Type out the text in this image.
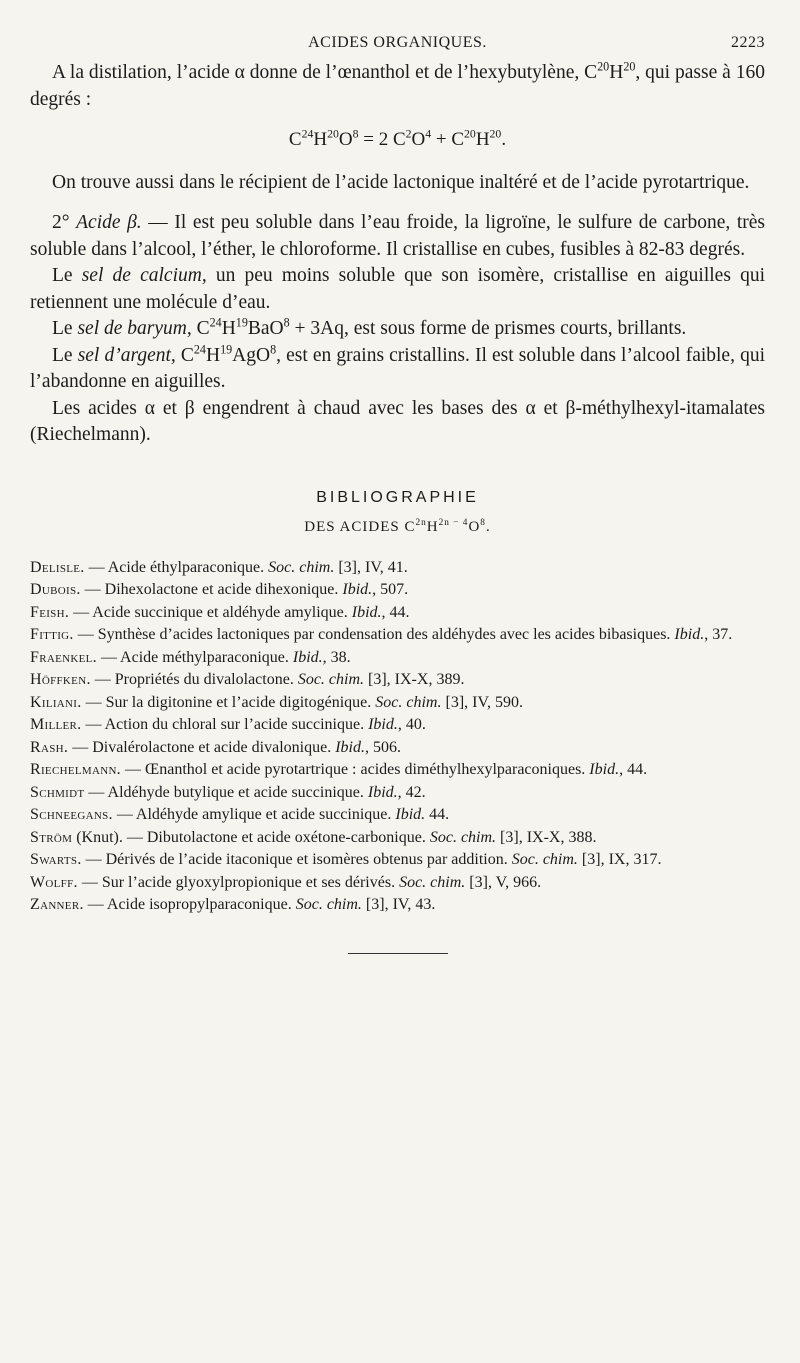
ACIDES ORGANIQUES.	2223

A la distilation, l’acide α donne de l’œnanthol et de l’hexybutylène, $C^{20}H^{20}$, qui passe à 160 degrés :

$C^{24}H^{20}O^8 = 2$ $C^2O^4 + C^{20}H^{20}$.

On trouve aussi dans le récipient de l’acide lactonique inaltéré et de l’acide pyrotartrique.

2° Acide β. — Il est peu soluble dans l’eau froide, la ligroïne, le sulfure de carbone, très soluble dans l’alcool, l’éther, le chloroforme. Il cristallise en cubes, fusibles à 82-83 degrés.

Le sel de calcium, un peu moins soluble que son isomère, cristallise en aiguilles qui retiennent une molécule d’eau.

Le sel de baryum, $C^{24}H^{19}BaO^8 + 3Aq$, est sous forme de prismes courts, brillants.

Le sel d’argent, $C^{24}H^{19}AgO^8$, est en grains cristallins. Il est soluble dans l’alcool faible, qui l’abandonne en aiguilles.

Les acides α et β engendrent à chaud avec les bases des α et β-méthylhexyl-itamalates (Riechelmann).

BIBLIOGRAPHIE
DES ACIDES $C^{2n}H^{2n - 4}O^8$.
Delisle. — Acide éthylparaconique. Soc. chim. [3], IV, 41.
Dubois. — Dihexolactone et acide dihexonique. Ibid., 507.
Feish. — Acide succinique et aldéhyde amylique. Ibid., 44.
Fittig. — Synthèse d’acides lactoniques par condensation des aldéhydes avec les acides bibasiques. Ibid., 37.
Fraenkel. — Acide méthylparaconique. Ibid., 38.
Höffken. — Propriétés du divalolactone. Soc. chim. [3], IX-X, 389.
Kiliani. — Sur la digitonine et l’acide digitogénique. Soc. chim. [3], IV, 590.
Miller. — Action du chloral sur l’acide succinique. Ibid., 40.
Rash. — Divalérolactone et acide divalonique. Ibid., 506.
Riechelmann. — Œnanthol et acide pyrotartrique : acides diméthylhexylparaconiques. Ibid., 44.
Schmidt — Aldéhyde butylique et acide succinique. Ibid., 42.
Schneegans. — Aldéhyde amylique et acide succinique. Ibid. 44.
Ström (Knut). — Dibutolactone et acide oxétone-carbonique. Soc. chim. [3], IX-X, 388.
Swarts. — Dérivés de l’acide itaconique et isomères obtenus par addition. Soc. chim. [3], IX, 317.
Wolff. — Sur l’acide glyoxylpropionique et ses dérivés. Soc. chim. [3], V, 966.
Zanner. — Acide isopropylparaconique. Soc. chim. [3], IV, 43.
